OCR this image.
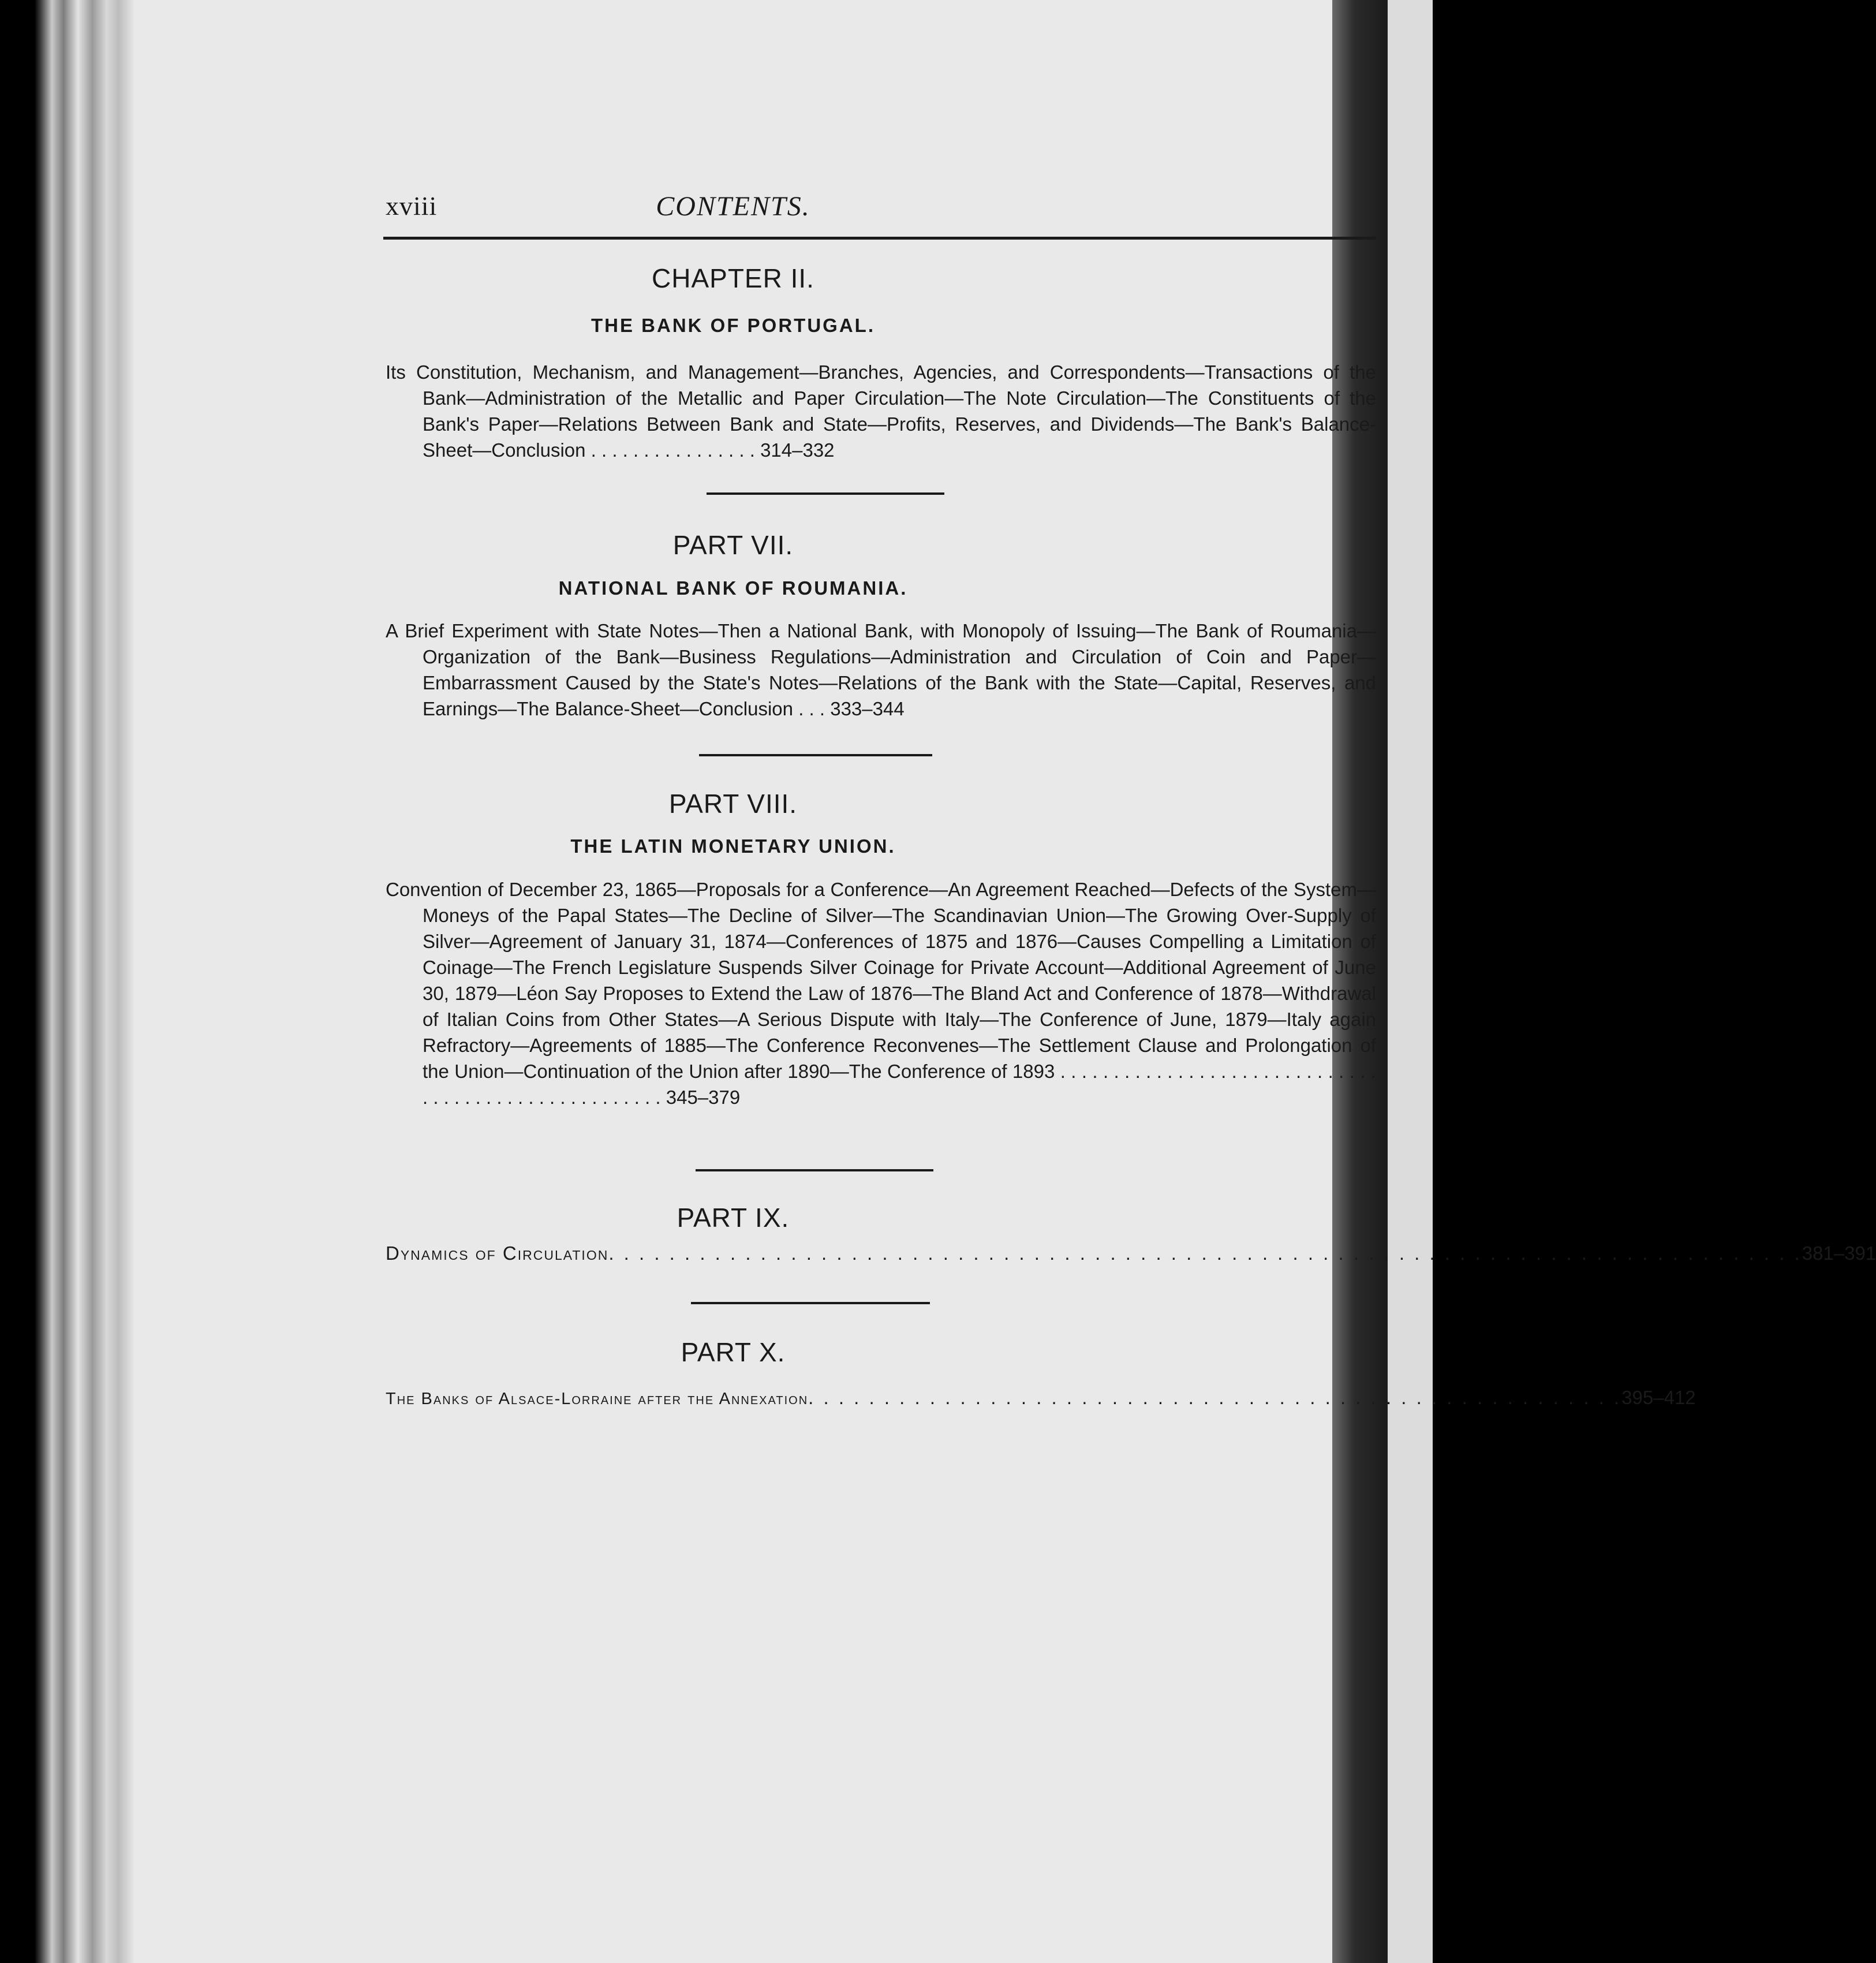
xviii	CONTENTS.
CHAPTER II.
THE BANK OF PORTUGAL.
Its Constitution, Mechanism, and Management—Branches, Agencies, and Correspondents—Transactions of the Bank—Administration of the Metallic and Paper Circulation—The Note Circulation—The Constituents of the Bank's Paper—Relations Between Bank and State—Profits, Reserves, and Dividends—The Bank's Balance-Sheet—Conclusion . . . . . . . . . . . . . . . . 314–332
PART VII.
NATIONAL BANK OF ROUMANIA.
A Brief Experiment with State Notes—Then a National Bank, with Monopoly of Issuing—The Bank of Roumania—Organization of the Bank—Business Regulations—Administration and Circulation of Coin and Paper—Embarrassment Caused by the State's Notes—Relations of the Bank with the State—Capital, Reserves, and Earnings—The Balance-Sheet—Conclusion . . . 333–344
PART VIII.
THE LATIN MONETARY UNION.
Convention of December 23, 1865—Proposals for a Conference—An Agreement Reached—Defects of the System—Moneys of the Papal States—The Decline of Silver—The Scandinavian Union—The Growing Over-Supply of Silver—Agreement of January 31, 1874—Conferences of 1875 and 1876—Causes Compelling a Limitation of Coinage—The French Legislature Suspends Silver Coinage for Private Account—Additional Agreement of June 30, 1879—Léon Say Proposes to Extend the Law of 1876—The Bland Act and Conference of 1878—Withdrawal of Italian Coins from Other States—A Serious Dispute with Italy—The Conference of June, 1879—Italy again Refractory—Agreements of 1885—The Conference Reconvenes—The Settlement Clause and Prolongation of the Union—Continuation of the Union after 1890—The Conference of 1893 . . . . . . . . . . . . . . . . . . . . . . . . . . . . . . . . . . . . . . . . . . . . . . . . . . . . . 345–379
PART IX.
Dynamics of Circulation . . . . . . . . . . . . . . . . . . . . . . . . . . . . . . . . . . . . . . . . . . . . . . . . . . . . . . . . . . . . . . . . . . . . . . . . . . . . . . . 381–391
PART X.
The Banks of Alsace-Lorraine after the Annexation . . . . . . . . . . . . . . . . . . . . . . . . . . . . . . . . . . . . . . . . . . . . . . . . . . . . . . 395–412
